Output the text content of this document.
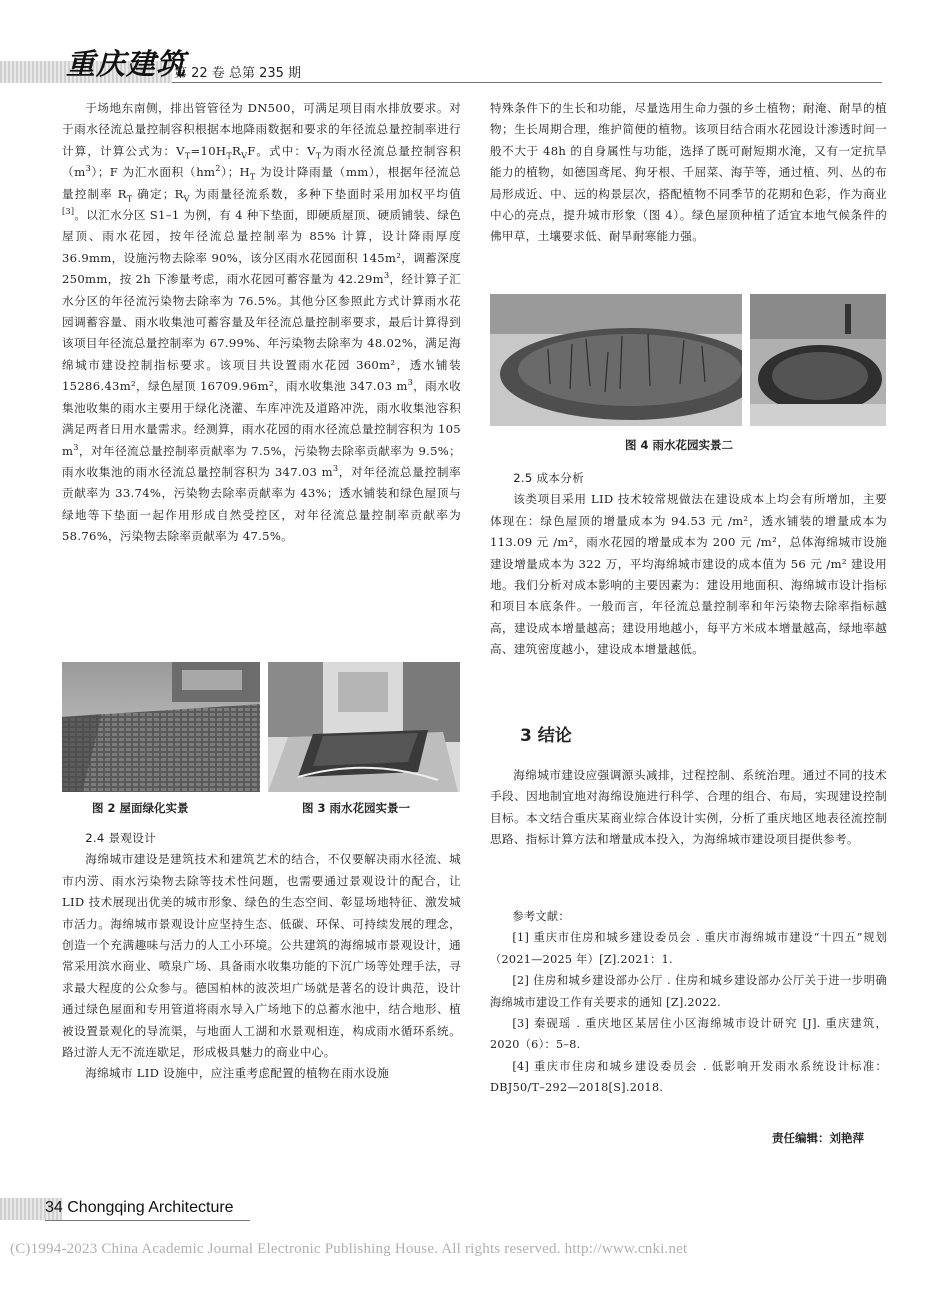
重庆建筑
第 22 卷 总第 235 期
于场地东南侧，排出管管径为 DN500，可满足项目雨水排放要求。对于雨水径流总量控制容积根据本地降雨数据和要求的年径流总量控制率进行计算，计算公式为：$V_T=10H_TR_VF$。式中：$V_T$为雨水径流总量控制容积$(m^3)$；F 为汇水面积$(hm^2)$；$H_T$ 为设计降雨量（mm），根据年径流总量控制率 $R_T$ 确定；$R_V$ 为雨量径流系数，多种下垫面时采用加权平均值[3]。以汇水分区 S1–1 为例，有 4 种下垫面，即硬质屋顶、硬质铺装、绿色屋顶、雨水花园，按年径流总量控制率为 85% 计算，设计降雨厚度 36.9mm，设施污物去除率 90%，该分区雨水花园面积 145m²，调蓄深度 250mm，按 2h 下渗量考虑，雨水花园可蓄容量为 $42.29m^3$，经计算子汇水分区的年径流污染物去除率为 76.5%。其他分区参照此方式计算雨水花园调蓄容量、雨水收集池可蓄容量及年径流总量控制率要求，最后计算得到该项目年径流总量控制率为 67.99%、年污染物去除率为 48.02%，满足海绵城市建设控制指标要求。该项目共设置雨水花园 360m²，透水铺装 15286.43m²，绿色屋顶 16709.96m²，雨水收集池 347.03 $m^3$，雨水收集池收集的雨水主要用于绿化浇灌、车库冲洗及道路冲洗，雨水收集池容积满足两者日用水量需求。经测算，雨水花园的雨水径流总量控制容积为 105 $m^3$，对年径流总量控制率贡献率为 7.5%，污染物去除率贡献率为 9.5%；雨水收集池的雨水径流总量控制容积为 347.03 $m^3$，对年径流总量控制率贡献率为 33.74%，污染物去除率贡献率为 43%；透水铺装和绿色屋顶与绿地等下垫面一起作用形成自然受控区，对年径流总量控制率贡献率为 58.76%，污染物去除率贡献率为 47.5%。
图 2 屋面绿化实景	图 3 雨水花园实景一

2.4 景观设计

海绵城市建设是建筑技术和建筑艺术的结合，不仅要解决雨水径流、城市内涝、雨水污染物去除等技术性问题，也需要通过景观设计的配合，让 LID 技术展现出优美的城市形象、绿色的生态空间、彰显场地特征、激发城市活力。海绵城市景观设计应坚持生态、低碳、环保、可持续发展的理念，创造一个充满趣味与活力的人工小环境。公共建筑的海绵城市景观设计，通常采用滨水商业、喷泉广场、具备雨水收集功能的下沉广场等处理手法，寻求最大程度的公众参与。德国柏林的波茨坦广场就是著名的设计典范，设计通过绿色屋面和专用管道将雨水导入广场地下的总蓄水池中，结合地形、植被设置景观化的导流渠，与地面人工湖和水景观相连，构成雨水循环系统。路过游人无不流连歇足，形成极具魅力的商业中心。

海绵城市 LID 设施中，应注重考虑配置的植物在雨水设施

特殊条件下的生长和功能，尽量选用生命力强的乡土植物；耐淹、耐旱的植物；生长周期合理，维护简便的植物。该项目结合雨水花园设计渗透时间一般不大于 48h 的自身属性与功能，选择了既可耐短期水淹，又有一定抗旱能力的植物，如德国鸢尾、狗牙根、千屈菜、海芋等，通过植、列、丛的布局形成近、中、远的构景层次，搭配植物不同季节的花期和色彩，作为商业中心的亮点，提升城市形象（图 4）。绿色屋顶种植了适宜本地气候条件的佛甲草，土壤要求低、耐旱耐寒能力强。
图 4 雨水花园实景二

2.5 成本分析

该类项目采用 LID 技术较常规做法在建设成本上均会有所增加，主要体现在：绿色屋顶的增量成本为 94.53 元 /m²，透水铺装的增量成本为 113.09 元 /m²，雨水花园的增量成本为 200 元 /m²，总体海绵城市设施建设增量成本为 322 万，平均海绵城市建设的成本值为 56 元 /m² 建设用地。我们分析对成本影响的主要因素为：建设用地面积、海绵城市设计指标和项目本底条件。一般而言，年径流总量控制率和年污染物去除率指标越高，建设成本增量越高；建设用地越小，每平方米成本增量越高，绿地率越高、建筑密度越小，建设成本增量越低。

3 结论
海绵城市建设应强调源头减排，过程控制、系统治理。通过不同的技术手段、因地制宜地对海绵设施进行科学、合理的组合、布局，实现建设控制目标。本文结合重庆某商业综合体设计实例，分析了重庆地区地表径流控制思路、指标计算方法和增量成本投入，为海绵城市建设项目提供参考。

参考文献：

[1] 重庆市住房和城乡建设委员会 . 重庆市海绵城市建设“十四五”规划（2021—2025 年）[Z].2021：1.

[2] 住房和城乡建设部办公厅 . 住房和城乡建设部办公厅关于进一步明确海绵城市建设工作有关要求的通知 [Z].2022.

[3] 秦砚瑶 . 重庆地区某居住小区海绵城市设计研究 [J]. 重庆建筑，2020（6）：5–8.

[4] 重庆市住房和城乡建设委员会 . 低影响开发雨水系统设计标准：DBJ50/T–292—2018[S].2018.

责任编辑：刘艳萍
34 Chongqing Architecture
(C)1994-2023 China Academic Journal Electronic Publishing House. All rights reserved. http://www.cnki.net
